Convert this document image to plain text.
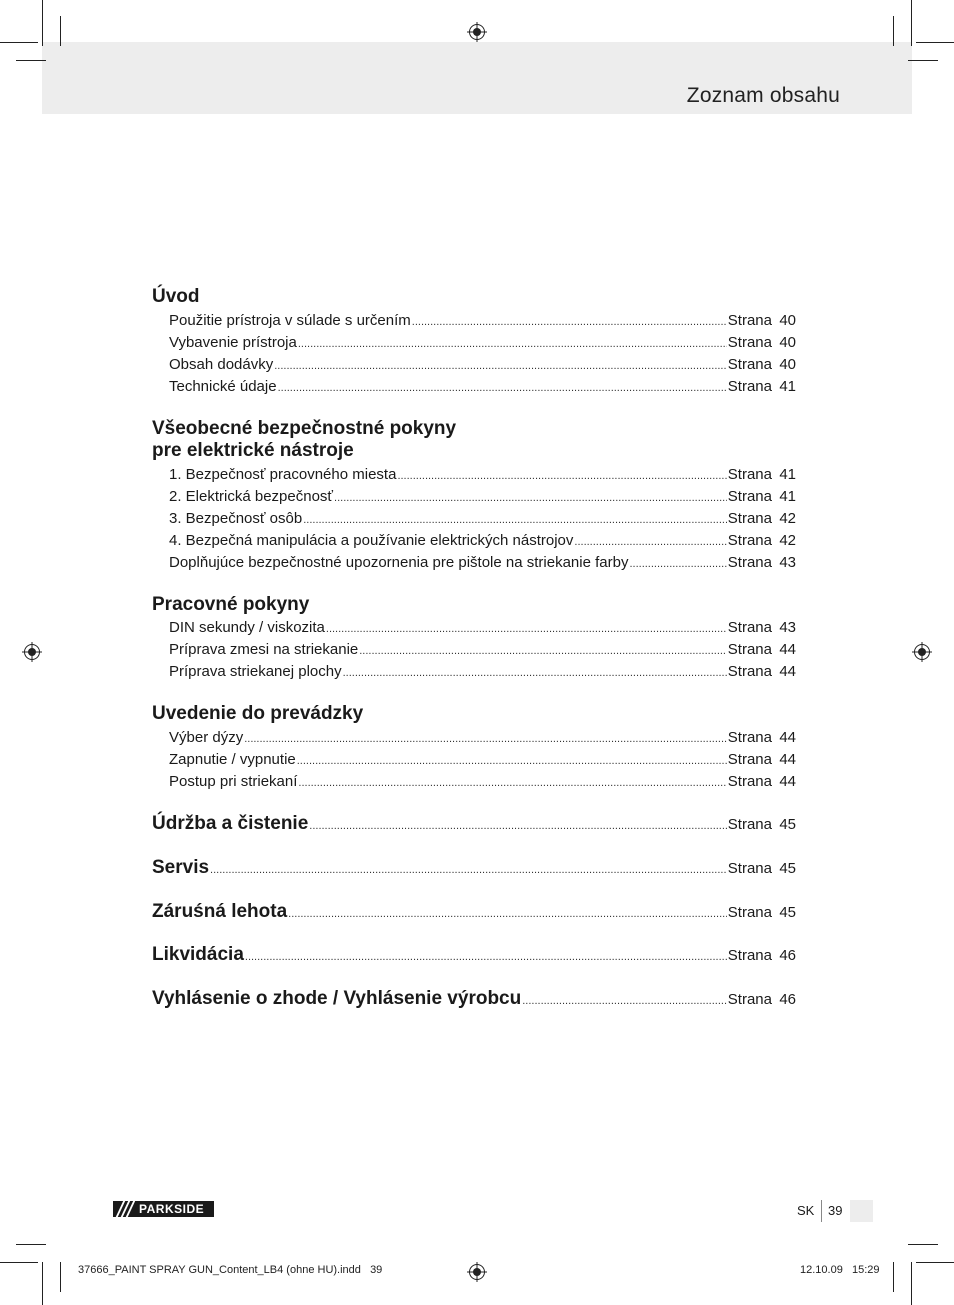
Zoznam obsahu
Úvod
Použitie prístroja v súlade s určením .....	Strana 40
Vybavenie prístroja .....	Strana 40
Obsah dodávky .....	Strana 40
Technické údaje .....	Strana 41
Všeobecné bezpečnostné pokyny
pre elektrické nástroje
1. Bezpečnosť pracovného miesta .....	Strana 41
2. Elektrická bezpečnosť .....	Strana 41
3. Bezpečnosť osôb .....	Strana 42
4. Bezpečná manipulácia a používanie elektrických nástrojov .....	Strana 42
Doplňujúce bezpečnostné upozornenia pre pištole na striekanie farby .....	Strana 43
Pracovné pokyny
DIN sekundy / viskozita .....	Strana 43
Príprava zmesi na striekanie .....	Strana 44
Príprava striekanej plochy .....	Strana 44
Uvedenie do prevádzky
Výber dýzy .....	Strana 44
Zapnutie / vypnutie .....	Strana 44
Postup pri striekaní .....	Strana 44
Údržba a čistenie .....	Strana 45
Servis .....	Strana 45
Záruśná lehota .....	Strana 45
Likvidácia .....	Strana 46
Vyhlásenie o zhode / Vyhlásenie výrobcu .....	Strana 46
PARKSIDE	SK 39
37666_PAINT SPRAY GUN_Content_LB4 (ohne HU).indd   39	12.10.09   15:29
